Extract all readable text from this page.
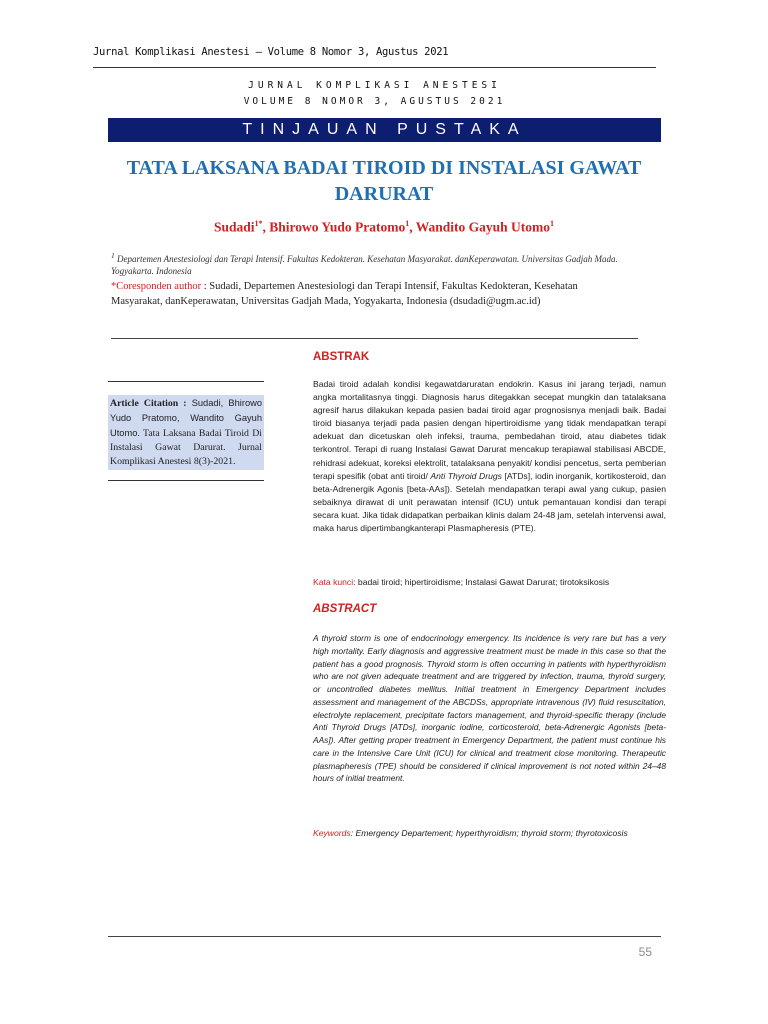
Jurnal Komplikasi Anestesi – Volume 8 Nomor 3, Agustus 2021
JURNAL KOMPLIKASI ANESTESI
VOLUME 8 NOMOR 3, AGUSTUS 2021
TINJAUAN PUSTAKA
TATA LAKSANA BADAI TIROID DI INSTALASI GAWAT DARURAT
Sudadi$^{1*}$, Bhirowo Yudo Pratomo$^1$, Wandito Gayuh Utomo$^1$
$^1$ Departemen Anestesiologi dan Terapi Intensif. Fakultas Kedokteran. Kesehatan Masyarakat. danKeperawatan. Universitas Gadjah Mada. Yogyakarta. Indonesia
*Coresponden author : Sudadi, Departemen Anestesiologi dan Terapi Intensif, Fakultas Kedokteran, Kesehatan Masyarakat, danKeperawatan, Universitas Gadjah Mada, Yogyakarta, Indonesia (dsudadi@ugm.ac.id)
Article Citation : Sudadi, Bhirowo Yudo Pratomo, Wandito Gayuh Utomo. Tata Laksana Badai Tiroid Di Instalasi Gawat Darurat. Jurnal Komplikasi Anestesi 8(3)-2021.
ABSTRAK
Badai tiroid adalah kondisi kegawatdaruratan endokrin. Kasus ini jarang terjadi, namun angka mortalitasnya tinggi. Diagnosis harus ditegakkan secepat mungkin dan tatalaksana agresif harus dilakukan kepada pasien badai tiroid agar prognosisnya menjadi baik. Badai tiroid biasanya terjadi pada pasien dengan hipertiroidisme yang tidak mendapatkan terapi adekuat dan dicetuskan oleh infeksi, trauma, pembedahan tiroid, atau diabetes tidak terkontrol. Terapi di ruang Instalasi Gawat Darurat mencakup terapiawal stabilisasi ABCDE, rehidrasi adekuat, koreksi elektrolit, tatalaksana penyakit/ kondisi pencetus, serta pemberian terapi spesifik (obat anti tiroid/ Anti Thyroid Drugs [ATDs], iodin inorganik, kortikosteroid, dan beta-Adrenergik Agonis [beta-AAs]). Setelah mendapatkan terapi awal yang cukup, pasien sebaiknya dirawat di unit perawatan intensif (ICU) untuk pemantauan kondisi dan terapi secara kuat. Jika tidak didapatkan perbaikan klinis dalam 24-48 jam, setelah intervensi awal, maka harus dipertimbangkanterapi Plasmapheresis (PTE).
Kata kunci: badai tiroid; hipertiroidisme; Instalasi Gawat Darurat; tirotoksikosis
ABSTRACT
A thyroid storm is one of endocrinology emergency. Its incidence is very rare but has a very high mortality. Early diagnosis and aggressive treatment must be made in this case so that the patient has a good prognosis. Thyroid storm is often occurring in patients with hyperthyroidism who are not given adequate treatment and are triggered by infection, trauma, thyroid surgery, or uncontrolled diabetes mellitus. Initial treatment in Emergency Department includes assessment and management of the ABCDSs, appropriate intravenous (IV) fluid resuscitation, electrolyte replacement, precipitate factors management, and thyroid-specific therapy (include Anti Thyroid Drugs [ATDs], inorganic iodine, corticosteroid, beta-Adrenergic Agonists [beta-AAs]). After getting proper treatment in Emergency Department, the patient must continue his care in the Intensive Care Unit (ICU) for clinical and treatment close monitoring. Therapeutic plasmapheresis (TPE) should be considered if clinical improvement is not noted within 24–48 hours of initial treatment.
Keywords: Emergency Departement; hyperthyroidism; thyroid storm; thyrotoxicosis
55
